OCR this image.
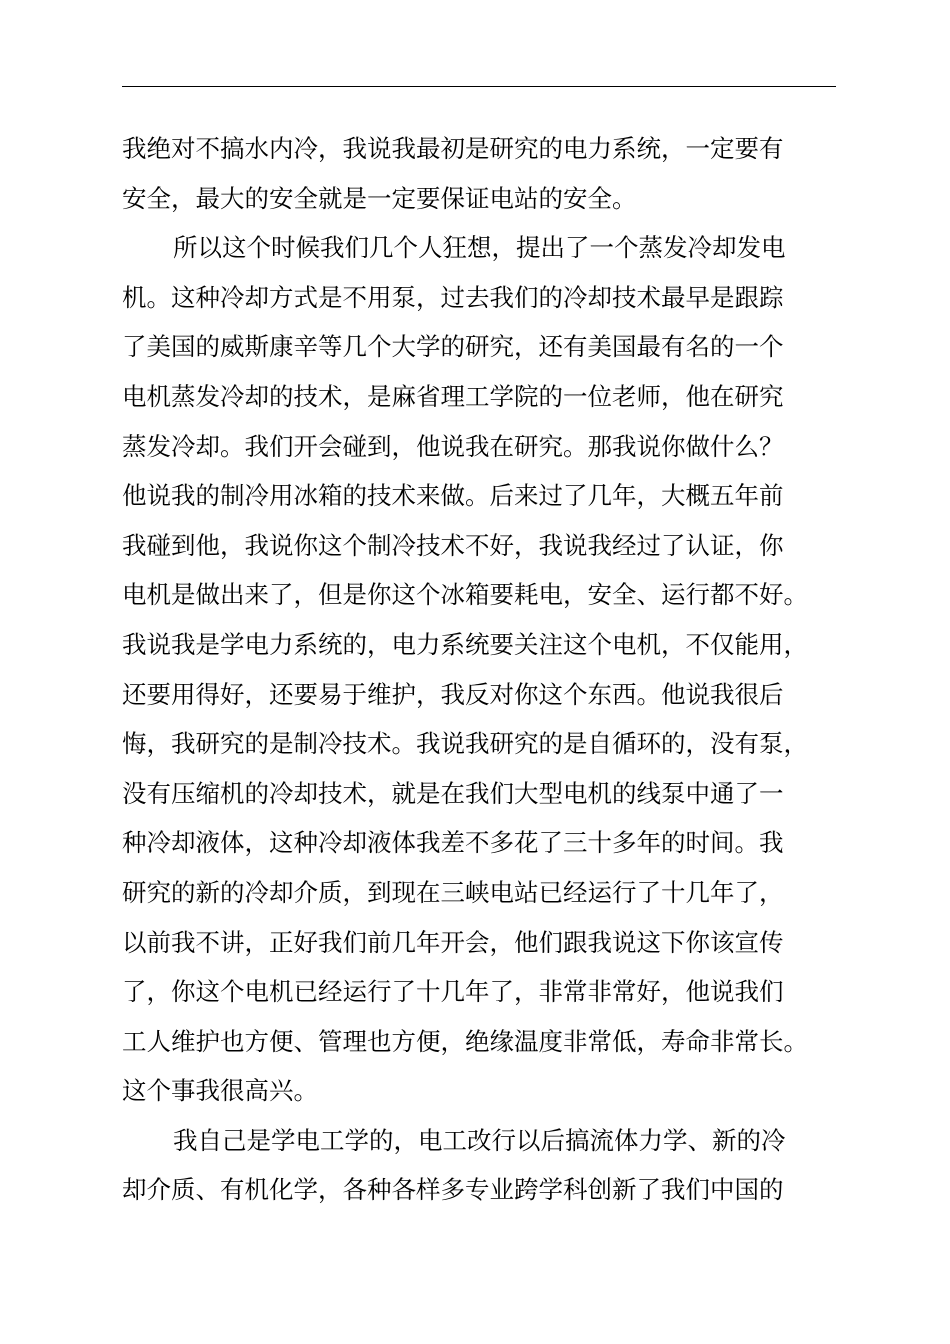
我绝对不搞水内冷，我说我最初是研究的电力系统，一定要有
安全，最大的安全就是一定要保证电站的安全。
所以这个时候我们几个人狂想，提出了一个蒸发冷却发电
机。这种冷却方式是不用泵，过去我们的冷却技术最早是跟踪
了美国的威斯康辛等几个大学的研究，还有美国最有名的一个
电机蒸发冷却的技术，是麻省理工学院的一位老师，他在研究
蒸发冷却。我们开会碰到，他说我在研究。那我说你做什么？
他说我的制冷用冰箱的技术来做。后来过了几年，大概五年前
我碰到他，我说你这个制冷技术不好，我说我经过了认证，你
电机是做出来了，但是你这个冰箱要耗电，安全、运行都不好。
我说我是学电力系统的，电力系统要关注这个电机，不仅能用，
还要用得好，还要易于维护，我反对你这个东西。他说我很后
悔，我研究的是制冷技术。我说我研究的是自循环的，没有泵，
没有压缩机的冷却技术，就是在我们大型电机的线泵中通了一
种冷却液体，这种冷却液体我差不多花了三十多年的时间。我
研究的新的冷却介质，到现在三峡电站已经运行了十几年了，
以前我不讲，正好我们前几年开会，他们跟我说这下你该宣传
了，你这个电机已经运行了十几年了，非常非常好，他说我们
工人维护也方便、管理也方便，绝缘温度非常低，寿命非常长。
这个事我很高兴。
我自己是学电工学的，电工改行以后搞流体力学、新的冷
却介质、有机化学，各种各样多专业跨学科创新了我们中国的
